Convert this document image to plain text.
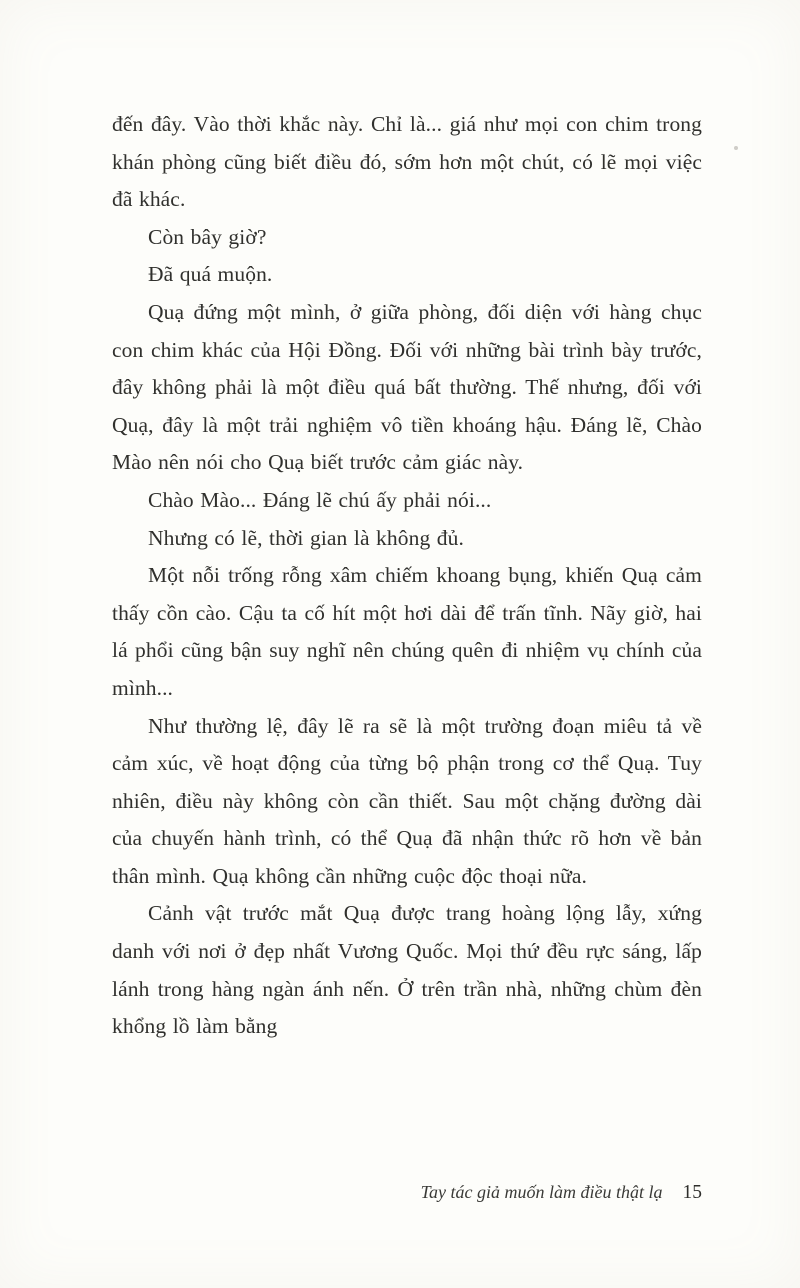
đến đây. Vào thời khắc này. Chỉ là... giá như mọi con chim trong khán phòng cũng biết điều đó, sớm hơn một chút, có lẽ mọi việc đã khác.

Còn bây giờ?

Đã quá muộn.

Quạ đứng một mình, ở giữa phòng, đối diện với hàng chục con chim khác của Hội Đồng. Đối với những bài trình bày trước, đây không phải là một điều quá bất thường. Thế nhưng, đối với Quạ, đây là một trải nghiệm vô tiền khoáng hậu. Đáng lẽ, Chào Mào nên nói cho Quạ biết trước cảm giác này.

Chào Mào... Đáng lẽ chú ấy phải nói...

Nhưng có lẽ, thời gian là không đủ.

Một nỗi trống rỗng xâm chiếm khoang bụng, khiến Quạ cảm thấy cồn cào. Cậu ta cố hít một hơi dài để trấn tĩnh. Nãy giờ, hai lá phổi cũng bận suy nghĩ nên chúng quên đi nhiệm vụ chính của mình...

Như thường lệ, đây lẽ ra sẽ là một trường đoạn miêu tả về cảm xúc, về hoạt động của từng bộ phận trong cơ thể Quạ. Tuy nhiên, điều này không còn cần thiết. Sau một chặng đường dài của chuyến hành trình, có thể Quạ đã nhận thức rõ hơn về bản thân mình. Quạ không cần những cuộc độc thoại nữa.

Cảnh vật trước mắt Quạ được trang hoàng lộng lẫy, xứng danh với nơi ở đẹp nhất Vương Quốc. Mọi thứ đều rực sáng, lấp lánh trong hàng ngàn ánh nến. Ở trên trần nhà, những chùm đèn khổng lồ làm bằng

Tay tác giả muốn làm điều thật lạ 15
